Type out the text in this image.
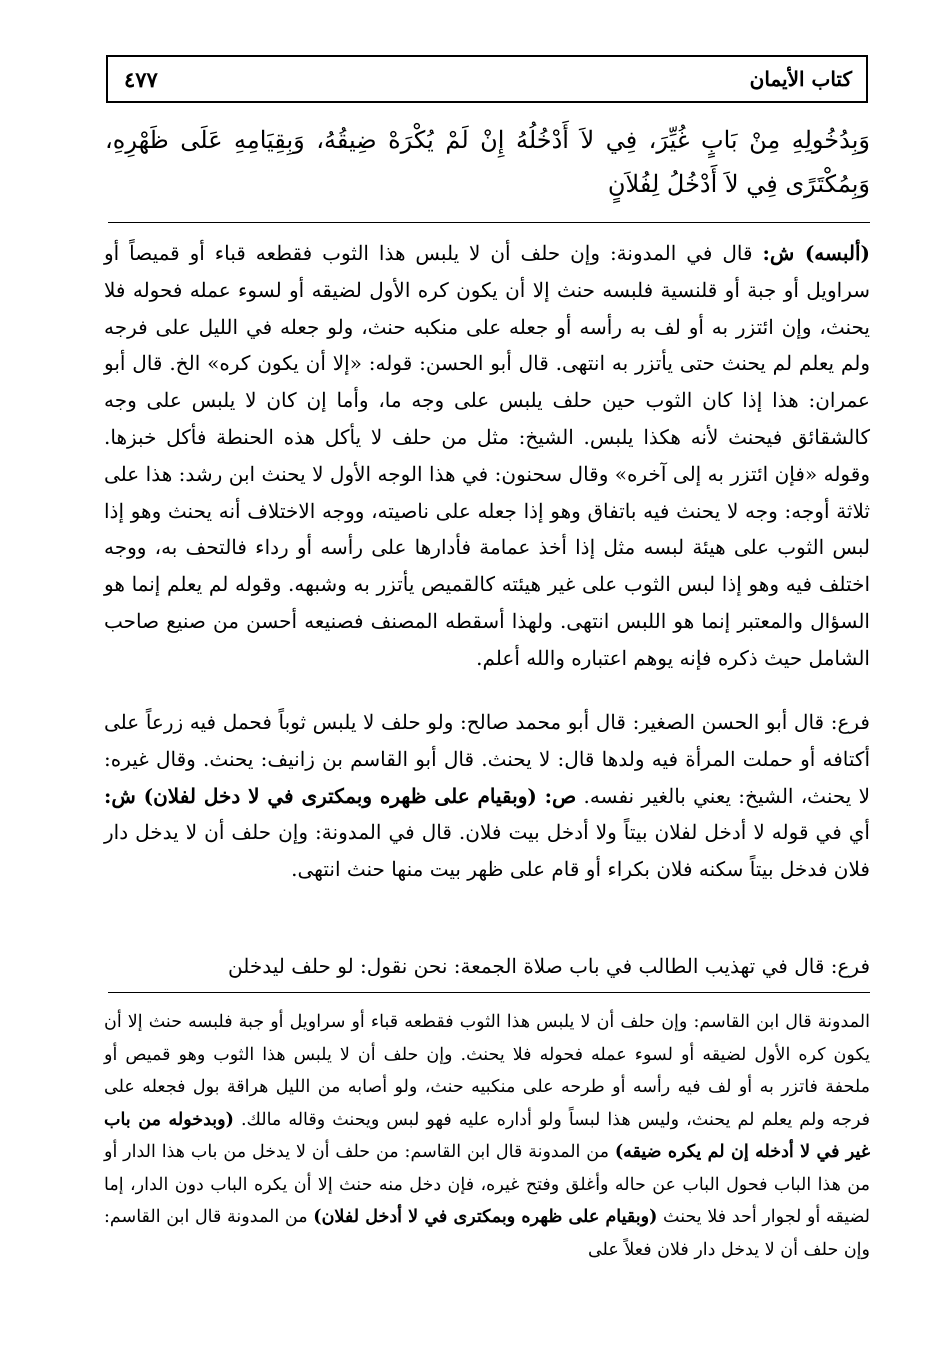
كتاب الأيمان
٤٧٧
وَبِدُخُولِهِ مِنْ بَابٍ غُيِّرَ، فِي لاَ أَدْخُلُهُ إِنْ لَمْ يُكْرَهْ ضِيقُهُ، وَبِقِيَامِهِ عَلَى ظَهْرِهِ، وَبِمُكْتَرًى فِي لاَ أَدْخُلُ لِفُلاَنٍ
(ألبسه) ش: قال في المدونة: وإن حلف أن لا يلبس هذا الثوب فقطعه قباء أو قميصاً أو سراويل أو جبة أو قلنسية فلبسه حنث إلا أن يكون كره الأول لضيقه أو لسوء عمله فحوله فلا يحنث، وإن ائتزر به أو لف به رأسه أو جعله على منكبه حنث، ولو جعله في الليل على فرجه ولم يعلم لم يحنث حتى يأتزر به انتهى. قال أبو الحسن: قوله: «إلا أن يكون كره» الخ. قال أبو عمران: هذا إذا كان الثوب حين حلف يلبس على وجه ما، وأما إن كان لا يلبس على وجه كالشقائق فيحنث لأنه هكذا يلبس. الشيخ: مثل من حلف لا يأكل هذه الحنطة فأكل خبزها. وقوله «فإن ائتزر به إلى آخره» وقال سحنون: في هذا الوجه الأول لا يحنث ابن رشد: هذا على ثلاثة أوجه: وجه لا يحنث فيه باتفاق وهو إذا جعله على ناصيته، ووجه الاختلاف أنه يحنث وهو إذا لبس الثوب على هيئة لبسه مثل إذا أخذ عمامة فأدارها على رأسه أو رداء فالتحف به، ووجه اختلف فيه وهو إذا لبس الثوب على غير هيئته كالقميص يأتزر به وشبهه. وقوله لم يعلم إنما هو السؤال والمعتبر إنما هو اللبس انتهى. ولهذا أسقطه المصنف فصنيعه أحسن من صنيع صاحب الشامل حيث ذكره فإنه يوهم اعتباره والله أعلم.
فرع: قال أبو الحسن الصغير: قال أبو محمد صالح: ولو حلف لا يلبس ثوباً فحمل فيه زرعاً على أكتافه أو حملت المرأة فيه ولدها قال: لا يحنث. قال أبو القاسم بن زانيف: يحنث. وقال غيره: لا يحنث، الشيخ: يعني بالغير نفسه. ص: (وبقيام على ظهره وبمكترى في لا دخل لفلان) ش: أي في قوله لا أدخل لفلان بيتاً ولا أدخل بيت فلان. قال في المدونة: وإن حلف أن لا يدخل دار فلان فدخل بيتاً سكنه فلان بكراء أو قام على ظهر بيت منها حنث انتهى.
فرع: قال في تهذيب الطالب في باب صلاة الجمعة: نحن نقول: لو حلف ليدخلن
المدونة قال ابن القاسم: وإن حلف أن لا يلبس هذا الثوب فقطعه قباء أو سراويل أو جبة فلبسه حنث إلا أن يكون كره الأول لضيقه أو لسوء عمله فحوله فلا يحنث. وإن حلف أن لا يلبس هذا الثوب وهو قميص أو ملحفة فاتزر به أو لف فيه رأسه أو طرحه على منكبيه حنث، ولو أصابه من الليل هراقة بول فجعله على فرجه ولم يعلم لم يحنث، وليس هذا لبساً ولو أداره عليه فهو لبس ويحنث وقاله مالك. (وبدخوله من باب غير في لا أدخله إن لم يكره ضيقه) من المدونة قال ابن القاسم: من حلف أن لا يدخل من باب هذا الدار أو من هذا الباب فحول الباب عن حاله وأغلق وفتح غيره، فإن دخل منه حنث إلا أن يكره الباب دون الدار، إما لضيقه أو لجوار أحد فلا يحنث (وبقيام على ظهره وبمكترى في لا أدخل لفلان) من المدونة قال ابن القاسم: وإن حلف أن لا يدخل دار فلان فعلاً على
